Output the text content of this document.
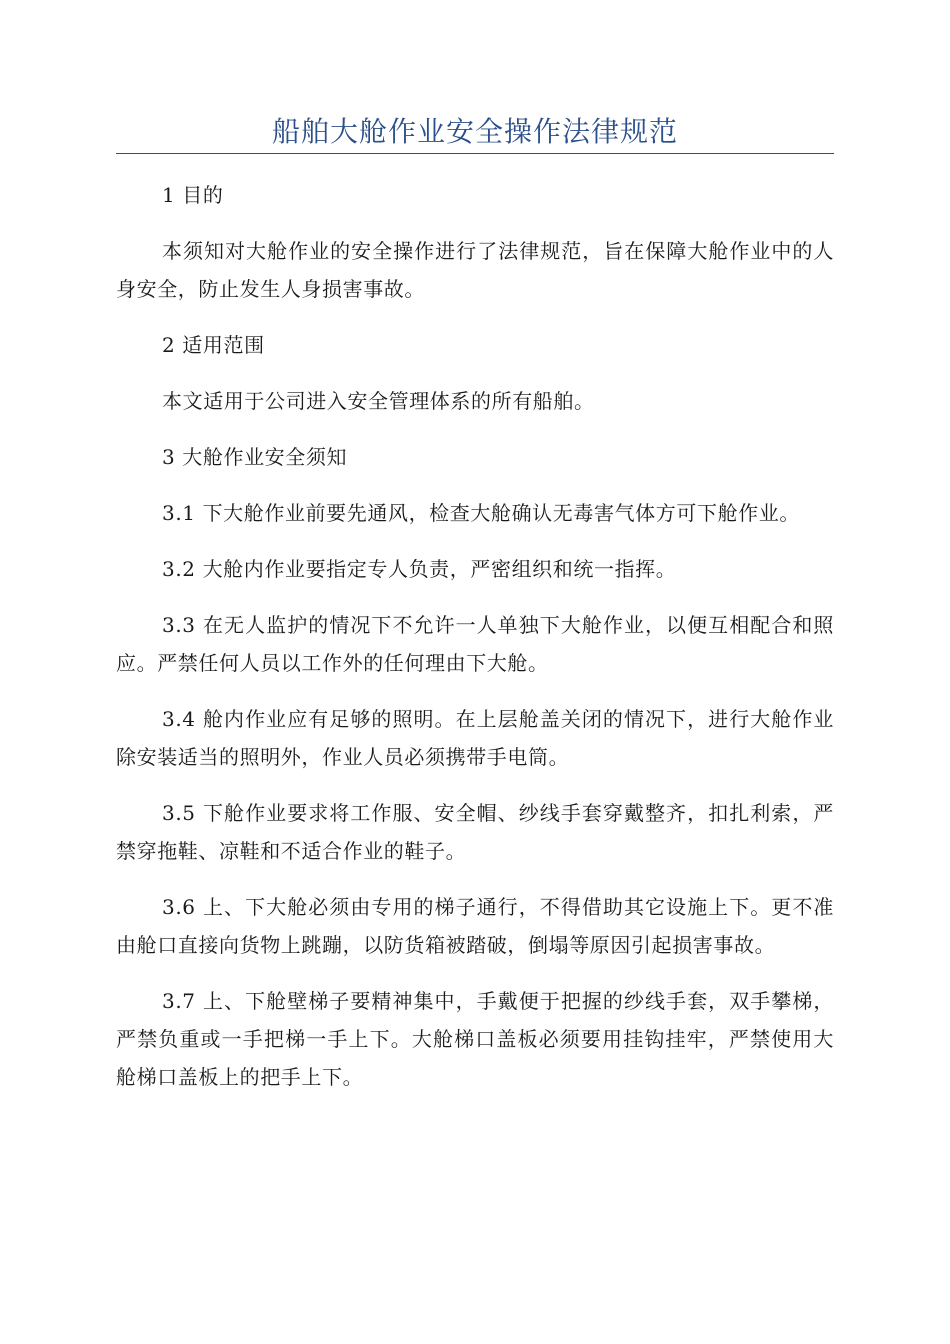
船舶大舱作业安全操作法律规范

1 目的

本须知对大舱作业的安全操作进行了法律规范，旨在保障大舱作业中的人身安全，防止发生人身损害事故。

2 适用范围

本文适用于公司进入安全管理体系的所有船舶。

3 大舱作业安全须知

3.1 下大舱作业前要先通风，检查大舱确认无毒害气体方可下舱作业。

3.2 大舱内作业要指定专人负责，严密组织和统一指挥。

3.3 在无人监护的情况下不允许一人单独下大舱作业，以便互相配合和照应。严禁任何人员以工作外的任何理由下大舱。

3.4 舱内作业应有足够的照明。在上层舱盖关闭的情况下，进行大舱作业除安装适当的照明外，作业人员必须携带手电筒。

3.5 下舱作业要求将工作服、安全帽、纱线手套穿戴整齐，扣扎利索，严禁穿拖鞋、凉鞋和不适合作业的鞋子。

3.6 上、下大舱必须由专用的梯子通行，不得借助其它设施上下。更不准由舱口直接向货物上跳蹦，以防货箱被踏破，倒塌等原因引起损害事故。

3.7 上、下舱壁梯子要精神集中，手戴便于把握的纱线手套，双手攀梯，严禁负重或一手把梯一手上下。大舱梯口盖板必须要用挂钩挂牢，严禁使用大舱梯口盖板上的把手上下。
